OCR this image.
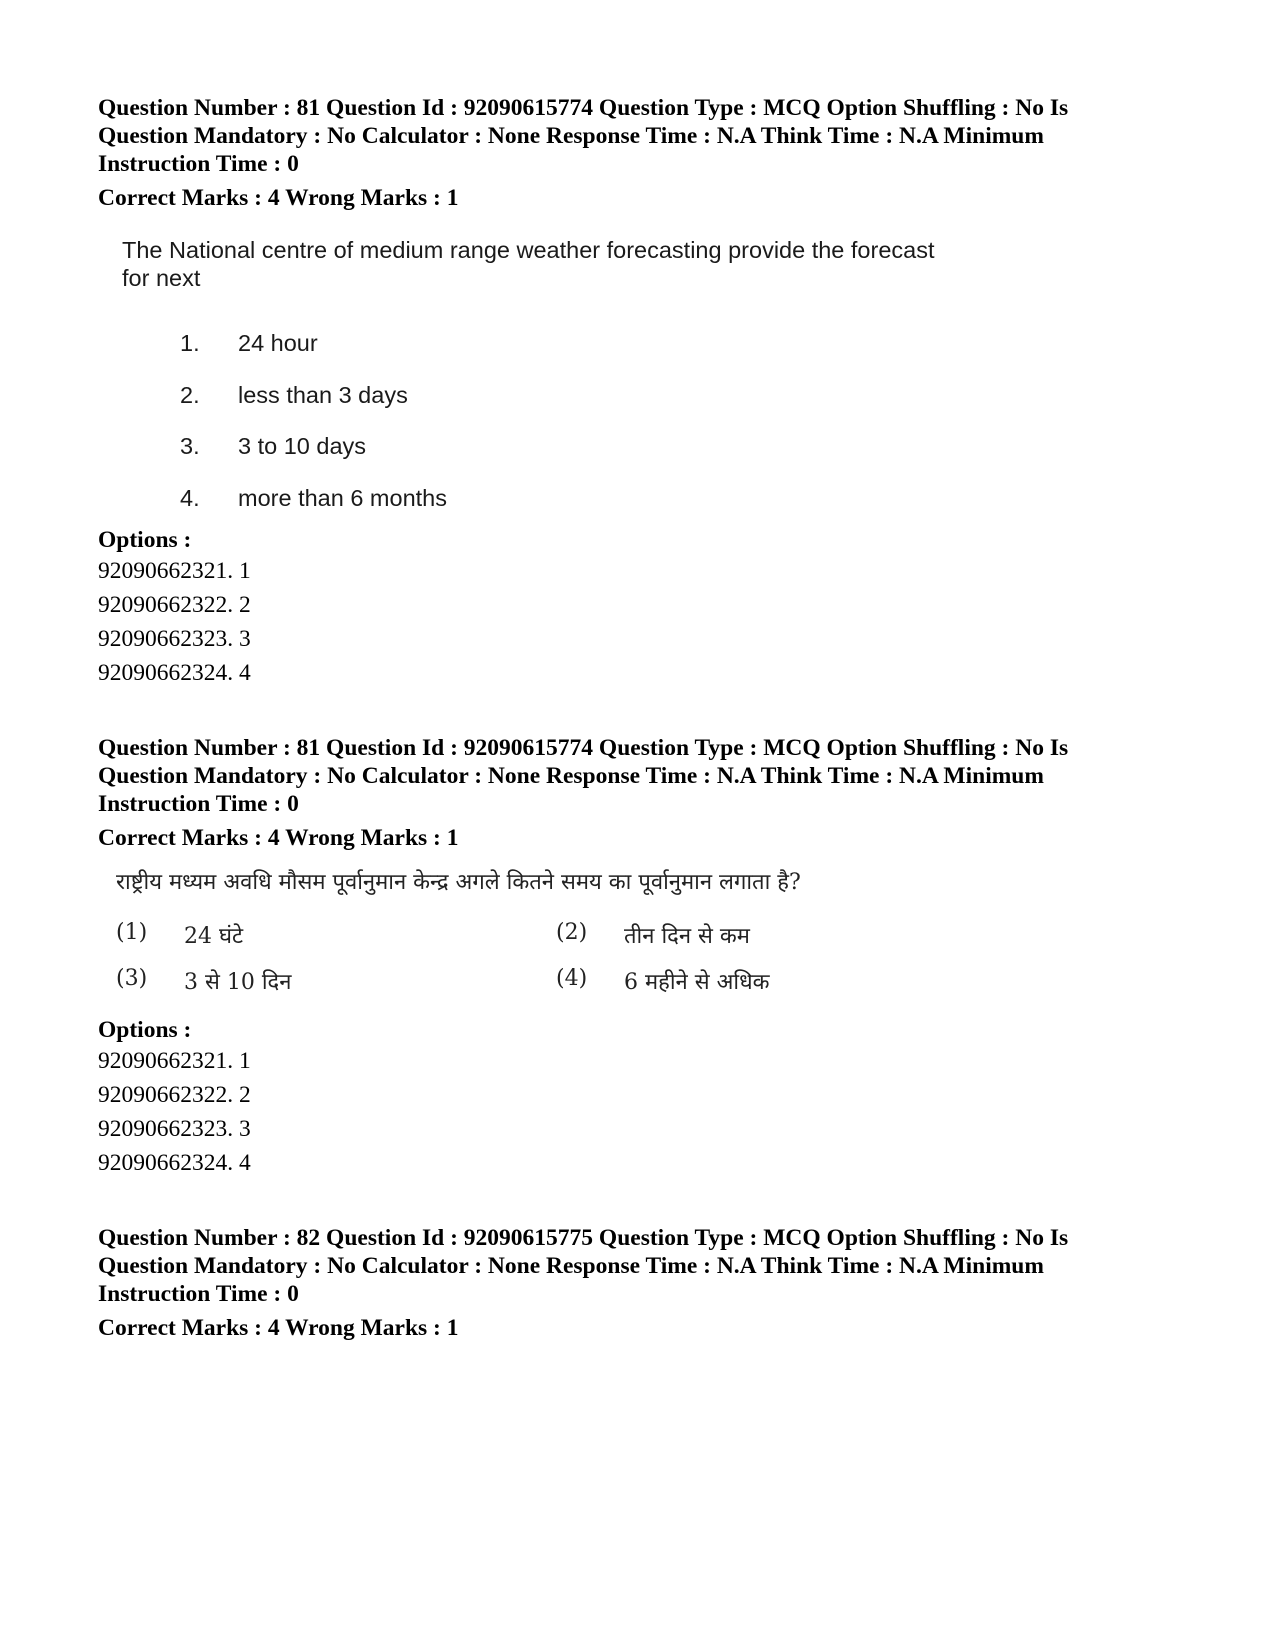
Question Number : 81 Question Id : 92090615774 Question Type : MCQ Option Shuffling : No Is

Question Mandatory : No Calculator : None Response Time : N.A Think Time : N.A Minimum

Instruction Time : 0

Correct Marks : 4 Wrong Marks : 1

The National centre of medium range weather forecasting provide the forecast

for next

1. 24 hour
2. less than 3 days
3. 3 to 10 days
4. more than 6 months

Options :

92090662321. 1

92090662322. 2

92090662323. 3

92090662324. 4

Question Number : 81 Question Id : 92090615774 Question Type : MCQ Option Shuffling : No Is

Question Mandatory : No Calculator : None Response Time : N.A Think Time : N.A Minimum

Instruction Time : 0

Correct Marks : 4 Wrong Marks : 1

राष्ट्रीय मध्यम अवधि मौसम पूर्वानुमान केन्द्र अगले कितने समय का पूर्वानुमान लगाता है?

(1) 24 घंटे	(2) तीन दिन से कम
(3) 3 से 10 दिन	(4) 6 महीने से अधिक

Options :

92090662321. 1

92090662322. 2

92090662323. 3

92090662324. 4

Question Number : 82 Question Id : 92090615775 Question Type : MCQ Option Shuffling : No Is

Question Mandatory : No Calculator : None Response Time : N.A Think Time : N.A Minimum

Instruction Time : 0

Correct Marks : 4 Wrong Marks : 1
